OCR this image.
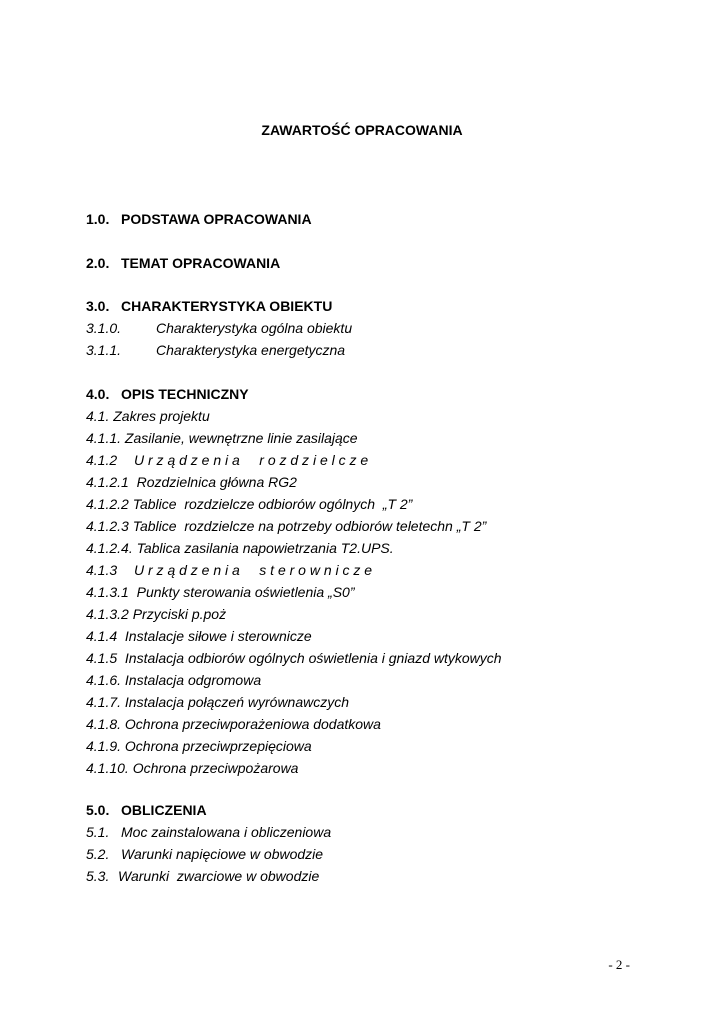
ZAWARTOŚĆ OPRACOWANIA
1.0. PODSTAWA OPRACOWANIA
2.0. TEMAT OPRACOWANIA
3.0. CHARAKTERYSTYKA OBIEKTU
3.1.0. Charakterystyka ogólna obiektu
3.1.1. Charakterystyka energetyczna
4.0. OPIS TECHNICZNY
4.1. Zakres projektu
4.1.1. Zasilanie, wewnętrzne linie zasilające
4.1.2 U r z ą d z e n i a     r o z d z i e l c z e
4.1.2.1 Rozdzielnica główna RG2
4.1.2.2 Tablice  rozdzielcze odbiorów ogólnych  „T 2”
4.1.2.3 Tablice  rozdzielcze na potrzeby odbiorów teletechn „T 2”
4.1.2.4. Tablica zasilania napowietrzania T2.UPS.
4.1.3 U r z ą d z e n i a     s t e r o w n i c z e
4.1.3.1 Punkty sterowania oświetlenia „S0”
4.1.3.2 Przyciski p.poż
4.1.4 Instalacje siłowe i sterownicze
4.1.5 Instalacja odbiorów ogólnych oświetlenia i gniazd wtykowych
4.1.6. Instalacja odgromowa
4.1.7. Instalacja połączeń wyrównawczych
4.1.8. Ochrona przeciwporażeniowa dodatkowa
4.1.9. Ochrona przeciwprzepięciowa
4.1.10. Ochrona przeciwpożarowa
5.0. OBLICZENIA
5.1. Moc zainstalowana i obliczeniowa
5.2. Warunki napięciowe w obwodzie
5.3. Warunki  zwarciowe w obwodzie
- 2 -
